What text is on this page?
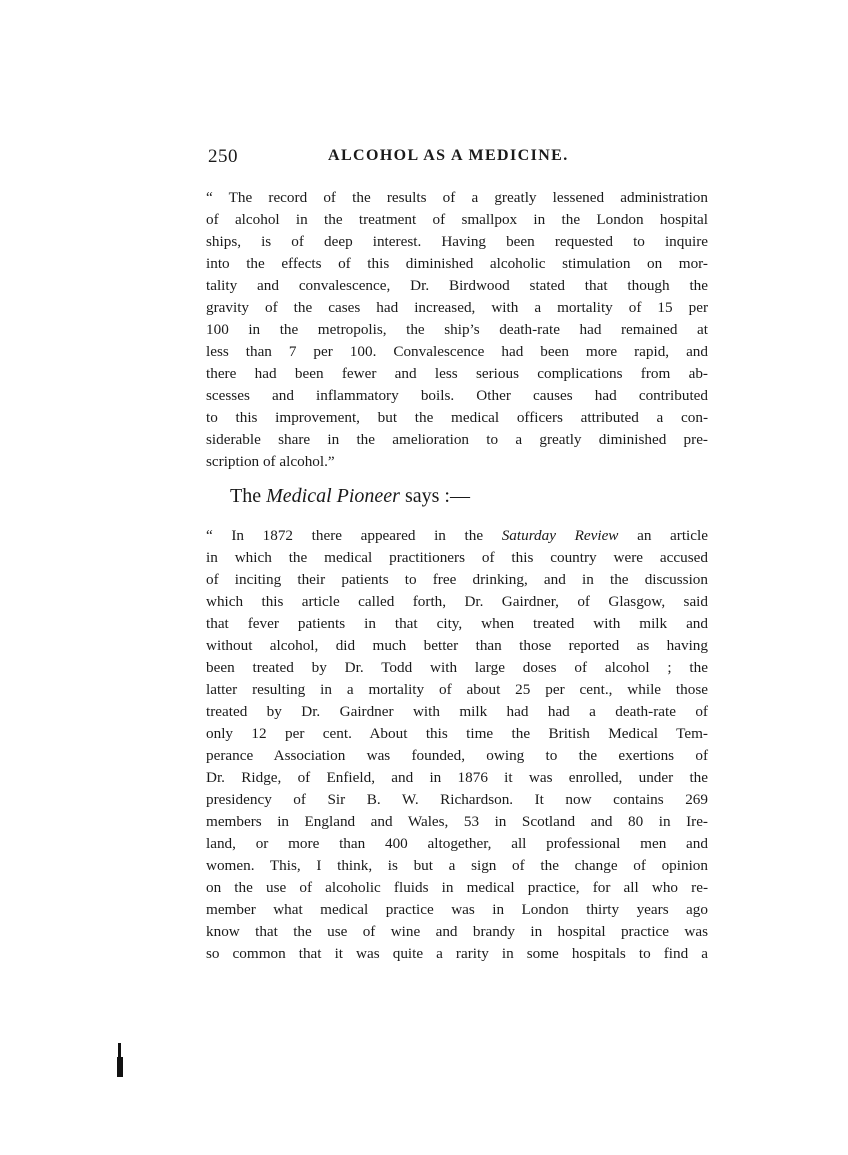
250	ALCOHOL AS A MEDICINE.
“ The record of the results of a greatly lessened administration
of alcohol in the treatment of smallpox in the London hospital
ships, is of deep interest. Having been requested to inquire
into the effects of this diminished alcoholic stimulation on mor-
tality and convalescence, Dr. Birdwood stated that though the
gravity of the cases had increased, with a mortality of 15 per
100 in the metropolis, the ship’s death-rate had remained at
less than 7 per 100. Convalescence had been more rapid, and
there had been fewer and less serious complications from ab-
scesses and inflammatory boils. Other causes had contributed
to this improvement, but the medical officers attributed a con-
siderable share in the amelioration to a greatly diminished pre-
scription of alcohol.”
The Medical Pioneer says :—
“ In 1872 there appeared in the Saturday Review an article
in which the medical practitioners of this country were accused
of inciting their patients to free drinking, and in the discussion
which this article called forth, Dr. Gairdner, of Glasgow, said
that fever patients in that city, when treated with milk and
without alcohol, did much better than those reported as having
been treated by Dr. Todd with large doses of alcohol ; the
latter resulting in a mortality of about 25 per cent., while those
treated by Dr. Gairdner with milk had had a death-rate of
only 12 per cent. About this time the British Medical Tem-
perance Association was founded, owing to the exertions of
Dr. Ridge, of Enfield, and in 1876 it was enrolled, under the
presidency of Sir B. W. Richardson. It now contains 269
members in England and Wales, 53 in Scotland and 80 in Ire-
land, or more than 400 altogether, all professional men and
women. This, I think, is but a sign of the change of opinion
on the use of alcoholic fluids in medical practice, for all who re-
member what medical practice was in London thirty years ago
know that the use of wine and brandy in hospital practice was
so common that it was quite a rarity in some hospitals to find a
